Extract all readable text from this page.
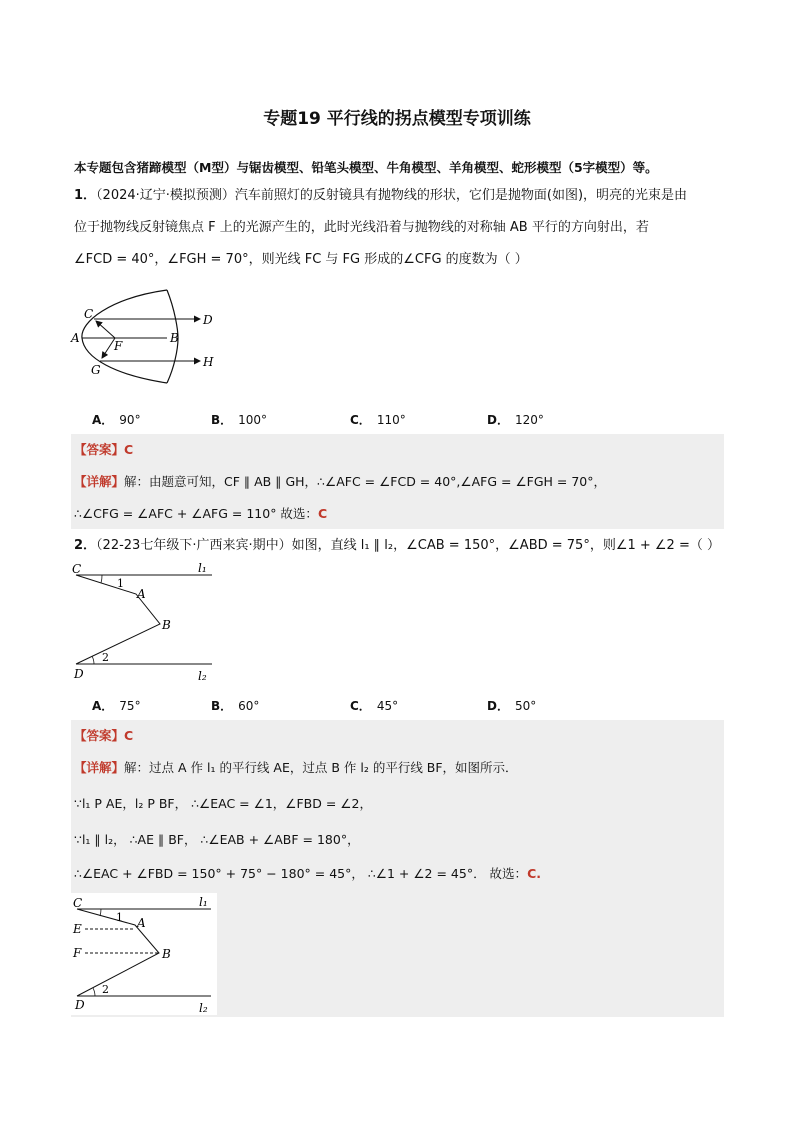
专题19 平行线的拐点模型专项训练
本专题包含猪蹄模型（M型）与锯齿模型、铅笔头模型、牛角模型、羊角模型、蛇形模型（5字模型）等。
1．（2024·辽宁·模拟预测）汽车前照灯的反射镜具有抛物线的形状，它们是抛物面(如图)，明亮的光束是由
位于抛物线反射镜焦点 F 上的光源产生的，此时光线沿着与抛物线的对称轴 AB 平行的方向射出，若
∠FCD = 40°，∠FGH = 70°，则光线 FC 与 FG 形成的∠CFG 的度数为（ ）
C	D
A	B
F
G
H
A． 90°	B． 100°	C． 110°	D． 120°
【答案】C
【详解】解：由题意可知，CF ∥ AB ∥ GH，∴∠AFC = ∠FCD = 40°,∠AFG = ∠FGH = 70°，
∴∠CFG = ∠AFC + ∠AFG = 110° 故选：C
2．（22-23七年级下·广西来宾·期中）如图，直线 l₁ ∥ l₂，∠CAB = 150°，∠ABD = 75°，则∠1 + ∠2 =（ ）
C
1
l₁
A
B
2
D	l₂
A． 75°	B． 60°	C． 45°	D． 50°
【答案】C
【详解】解：过点 A 作 l₁ 的平行线 AE，过点 B 作 l₂ 的平行线 BF，如图所示．
∵l₁ P AE，l₂ P BF， ∴∠EAC = ∠1，∠FBD = ∠2，
∵l₁ ∥ l₂， ∴AE ∥ BF， ∴∠EAB + ∠ABF = 180°，
∴∠EAC + ∠FBD = 150° + 75° − 180° = 45°， ∴∠1 + ∠2 = 45°． 故选：C.
C
1 A
l₁
E
F	B
2
D	l₂
